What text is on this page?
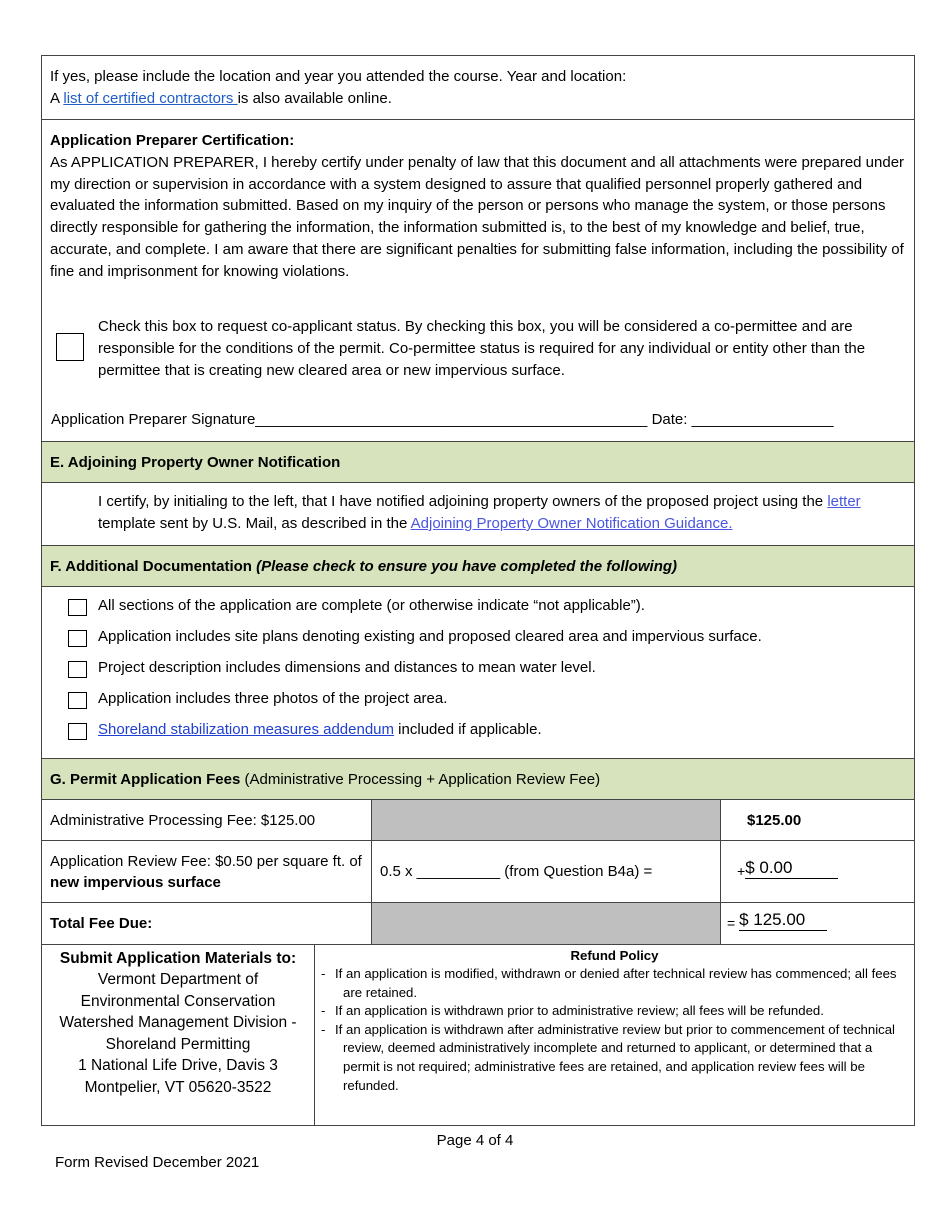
If yes, please include the location and year you attended the course. Year and location:
A list of certified contractors is also available online.
Application Preparer Certification:
As APPLICATION PREPARER, I hereby certify under penalty of law that this document and all attachments were prepared under my direction or supervision in accordance with a system designed to assure that qualified personnel properly gathered and evaluated the information submitted. Based on my inquiry of the person or persons who manage the system, or those persons directly responsible for gathering the information, the information submitted is, to the best of my knowledge and belief, true, accurate, and complete. I am aware that there are significant penalties for submitting false information, including the possibility of fine and imprisonment for knowing violations.
Check this box to request co-applicant status. By checking this box, you will be considered a co-permittee and are responsible for the conditions of the permit. Co-permittee status is required for any individual or entity other than the permittee that is creating new cleared area or new impervious surface.
Application Preparer Signature_______________________________________________ Date: _________________
E. Adjoining Property Owner Notification
I certify, by initialing to the left, that I have notified adjoining property owners of the proposed project using the letter template sent by U.S. Mail, as described in the Adjoining Property Owner Notification Guidance.
F. Additional Documentation (Please check to ensure you have completed the following)
All sections of the application are complete (or otherwise indicate “not applicable”).
Application includes site plans denoting existing and proposed cleared area and impervious surface.
Project description includes dimensions and distances to mean water level.
Application includes three photos of the project area.
Shoreland stabilization measures addendum included if applicable.
G. Permit Application Fees (Administrative Processing + Application Review Fee)
Administrative Processing Fee: $125.00		$125.00
Application Review Fee: $0.50 per square ft. of new impervious surface	0.5 x __________ (from Question B4a) =	+$ 0.00
Total Fee Due:		= $ 125.00
Submit Application Materials to:
Vermont Department of
Environmental Conservation
Watershed Management Division -
Shoreland Permitting
1 National Life Drive, Davis 3
Montpelier, VT 05620-3522
Refund Policy
- If an application is modified, withdrawn or denied after technical review has commenced; all fees are retained.
- If an application is withdrawn prior to administrative review; all fees will be refunded.
- If an application is withdrawn after administrative review but prior to commencement of technical review, deemed administratively incomplete and returned to applicant, or determined that a permit is not required; administrative fees are retained, and application review fees will be refunded.
Page 4 of 4
Form Revised December 2021
